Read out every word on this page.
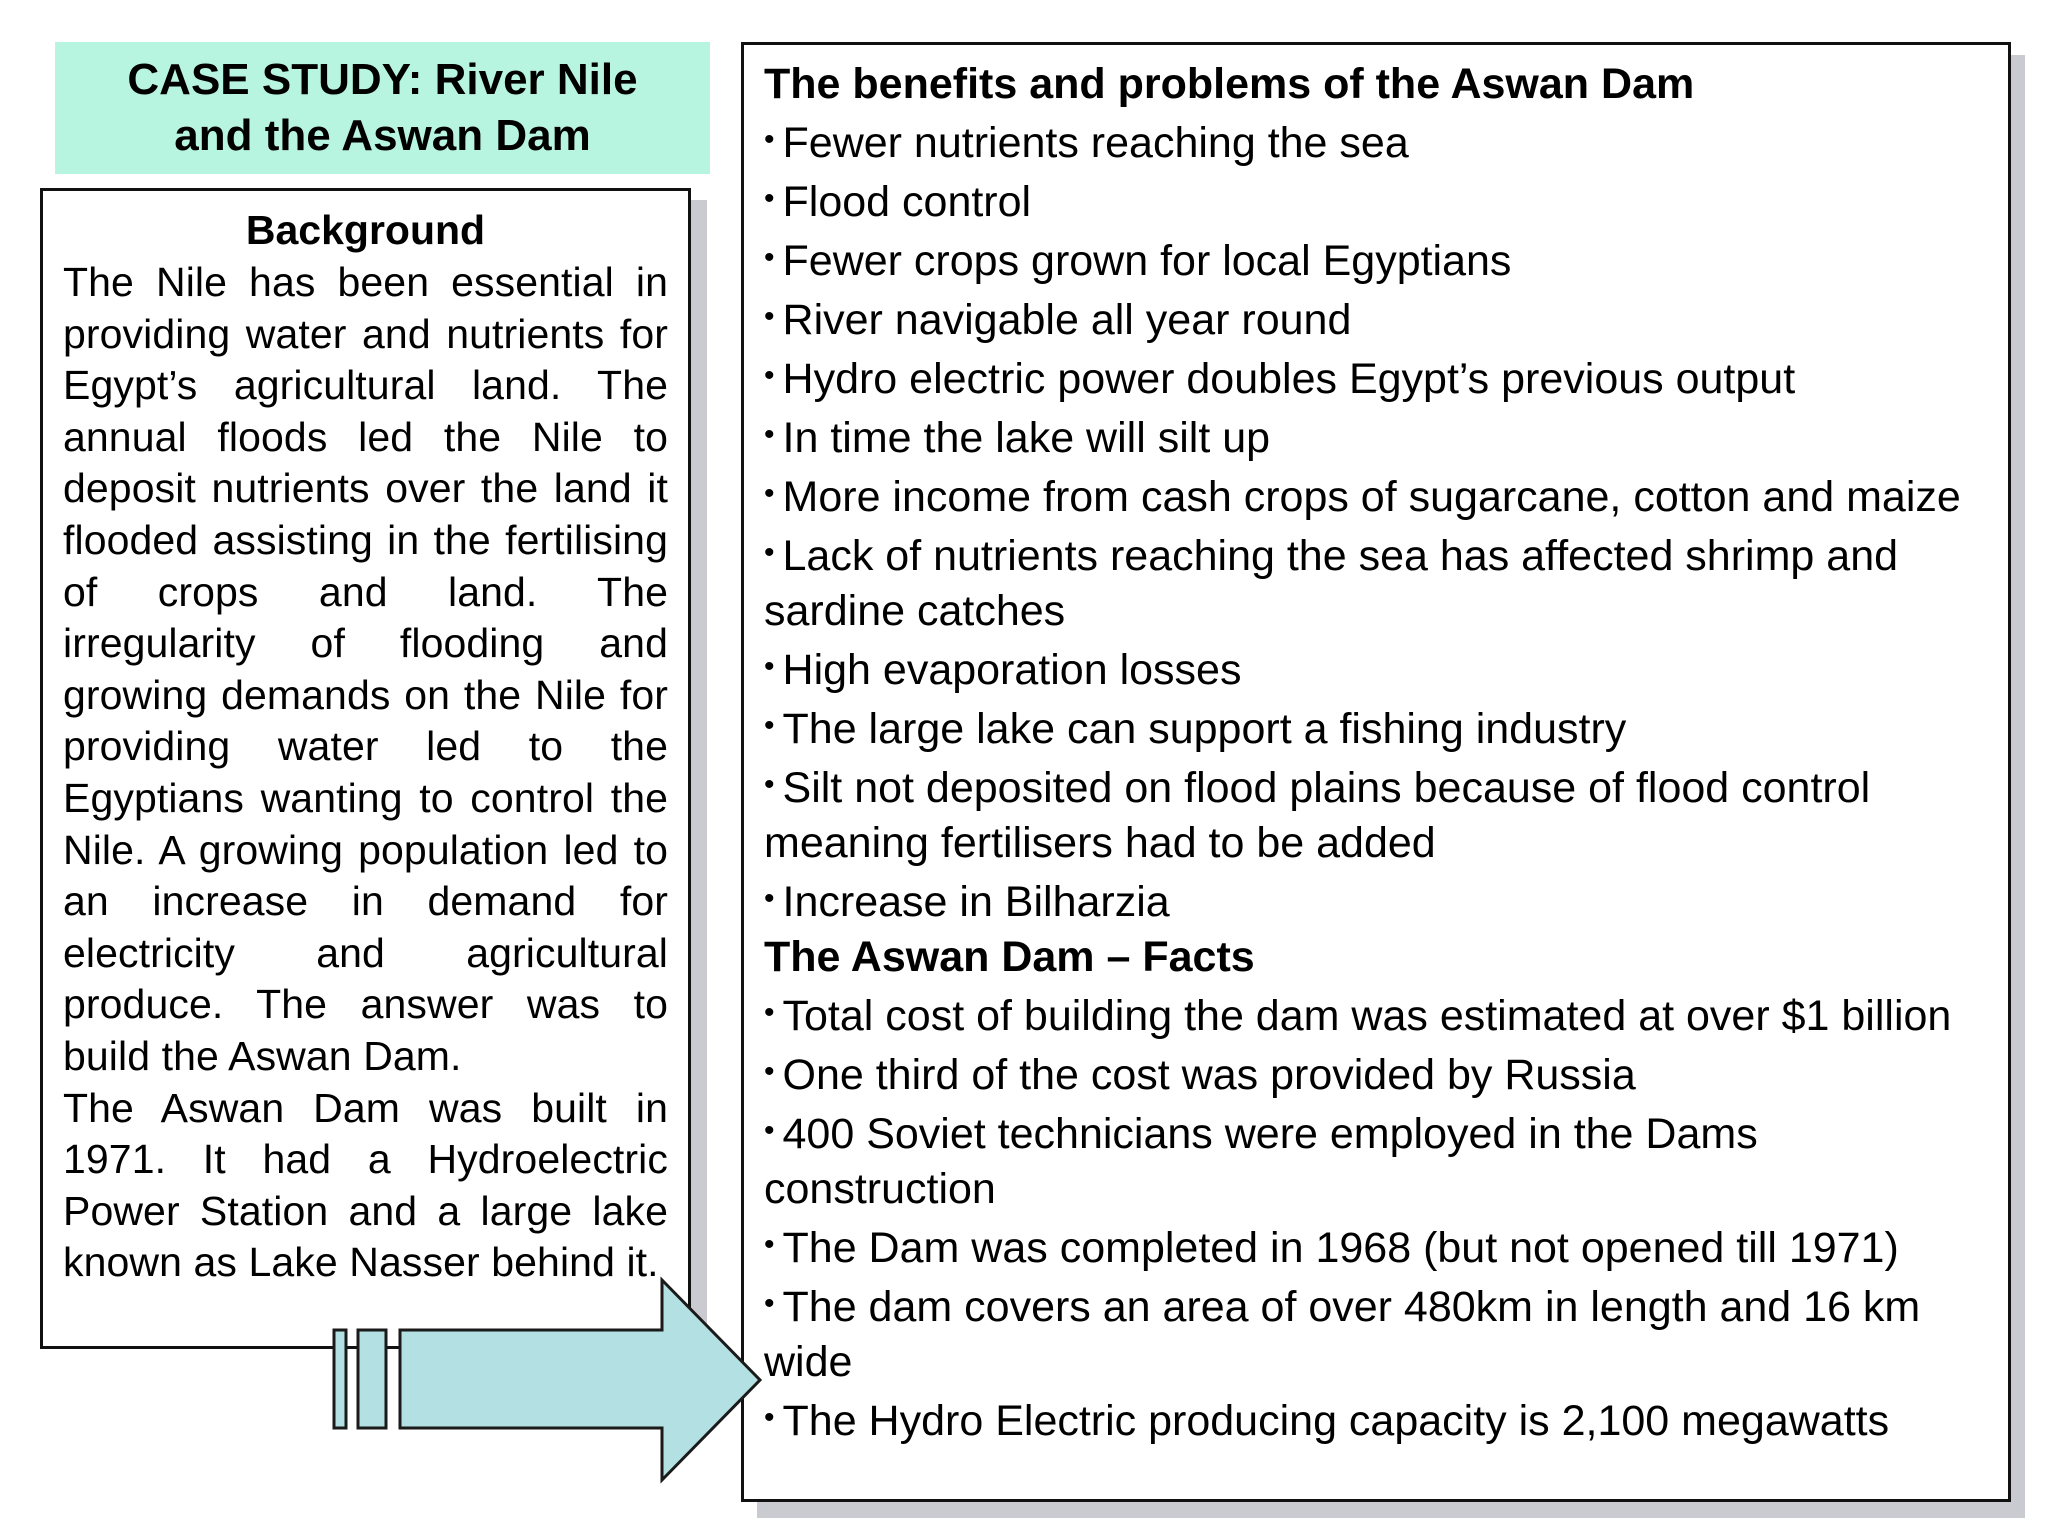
CASE STUDY: River Nile
and the Aswan Dam
Background

The Nile has been essential in providing water and nutrients for Egypt’s agricultural land. The annual floods led the Nile to deposit nutrients over the land it flooded assisting in the fertilising of crops and land. The irregularity of flooding and growing demands on the Nile for providing water led to the Egyptians wanting to control the Nile. A growing population led to an increase in demand for electricity and agricultural produce. The answer was to build the Aswan Dam.

The Aswan Dam was built in 1971. It had a Hydroelectric Power Station and a large lake known as Lake Nasser behind it.

The benefits and problems of the Aswan Dam

• Fewer nutrients reaching the sea

• Flood control

• Fewer crops grown for local Egyptians

• River navigable all year round

• Hydro electric power doubles Egypt’s previous output

• In time the lake will silt up

• More income from cash crops of sugarcane, cotton and maize

• Lack of nutrients reaching the sea has affected shrimp and sardine catches

• High evaporation losses

• The large lake can support a fishing industry

• Silt not deposited on flood plains because of flood control meaning fertilisers had to be added

• Increase in Bilharzia

The Aswan Dam – Facts

• Total cost of building the dam was estimated at over $1 billion

• One third of the cost was provided by Russia

• 400 Soviet technicians were employed in the Dams construction

• The Dam was completed in 1968 (but not opened till 1971)

• The dam covers an area of over 480km in length and 16 km wide

• The Hydro Electric producing capacity is 2,100 megawatts
